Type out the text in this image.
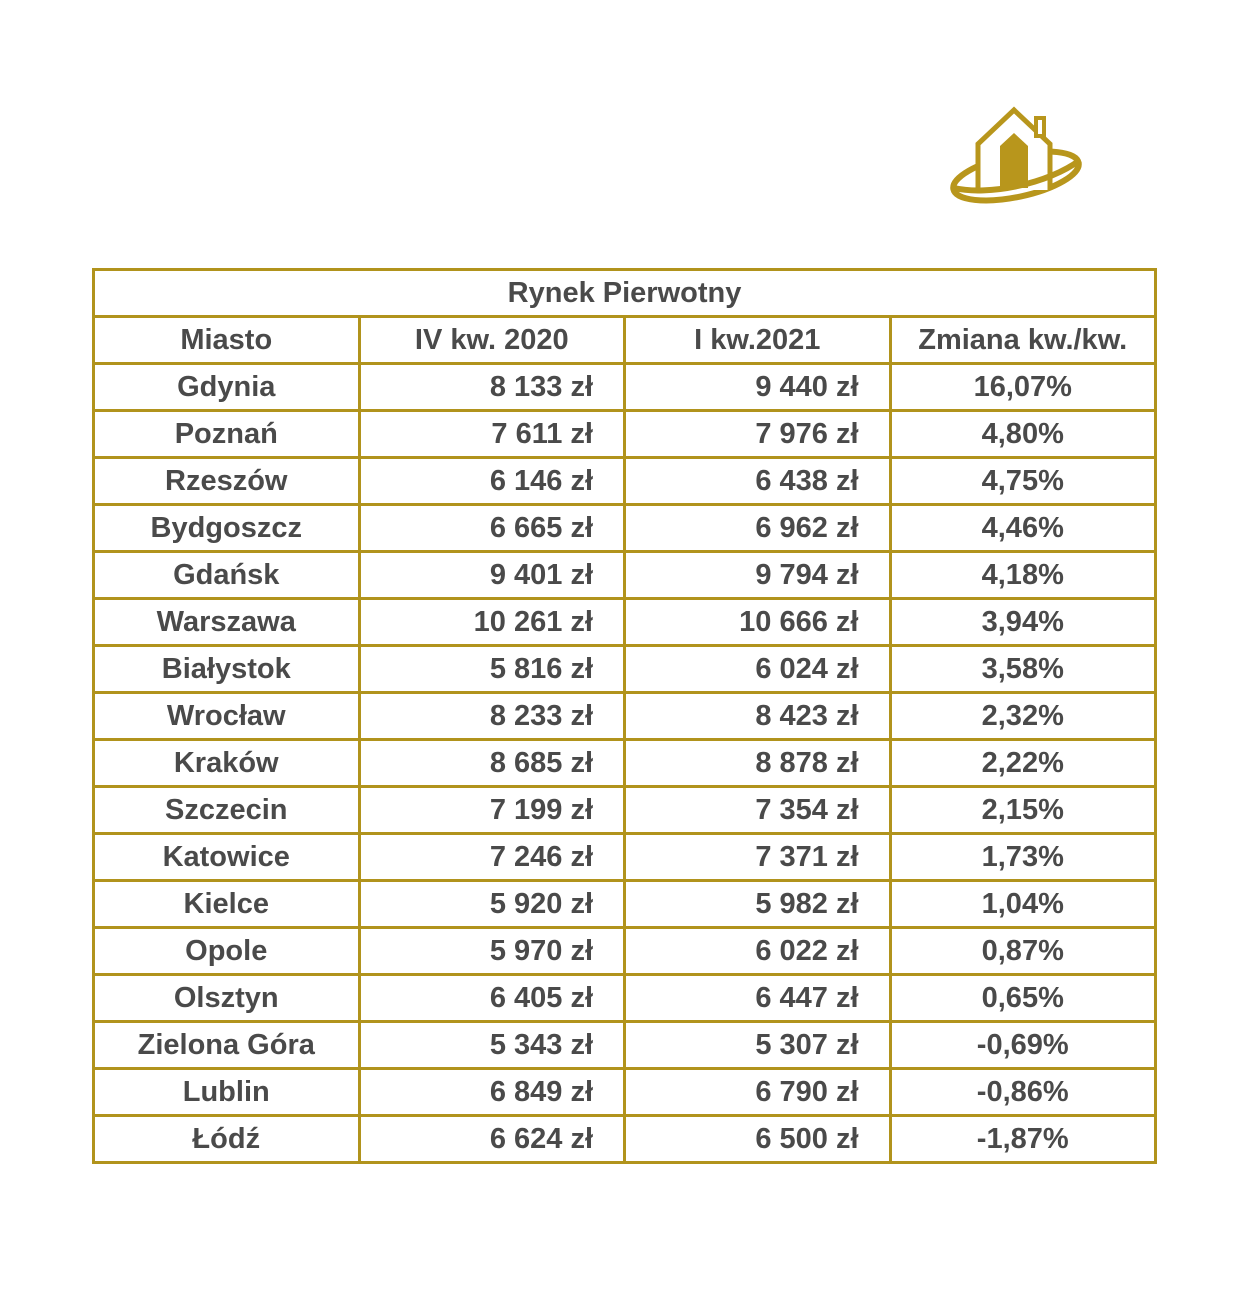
Rynek Pierwotny			
Miasto	IV kw. 2020	I kw.2021	Zmiana kw./kw.
Gdynia	8 133 zł	9 440 zł	16,07%
Poznań	7 611 zł	7 976 zł	4,80%
Rzeszów	6 146 zł	6 438 zł	4,75%
Bydgoszcz	6 665 zł	6 962 zł	4,46%
Gdańsk	9 401 zł	9 794 zł	4,18%
Warszawa	10 261 zł	10 666 zł	3,94%
Białystok	5 816 zł	6 024 zł	3,58%
Wrocław	8 233 zł	8 423 zł	2,32%
Kraków	8 685 zł	8 878 zł	2,22%
Szczecin	7 199 zł	7 354 zł	2,15%
Katowice	7 246 zł	7 371 zł	1,73%
Kielce	5 920 zł	5 982 zł	1,04%
Opole	5 970 zł	6 022 zł	0,87%
Olsztyn	6 405 zł	6 447 zł	0,65%
Zielona Góra	5 343 zł	5 307 zł	-0,69%
Lublin	6 849 zł	6 790 zł	-0,86%
Łódź	6 624 zł	6 500 zł	-1,87%
